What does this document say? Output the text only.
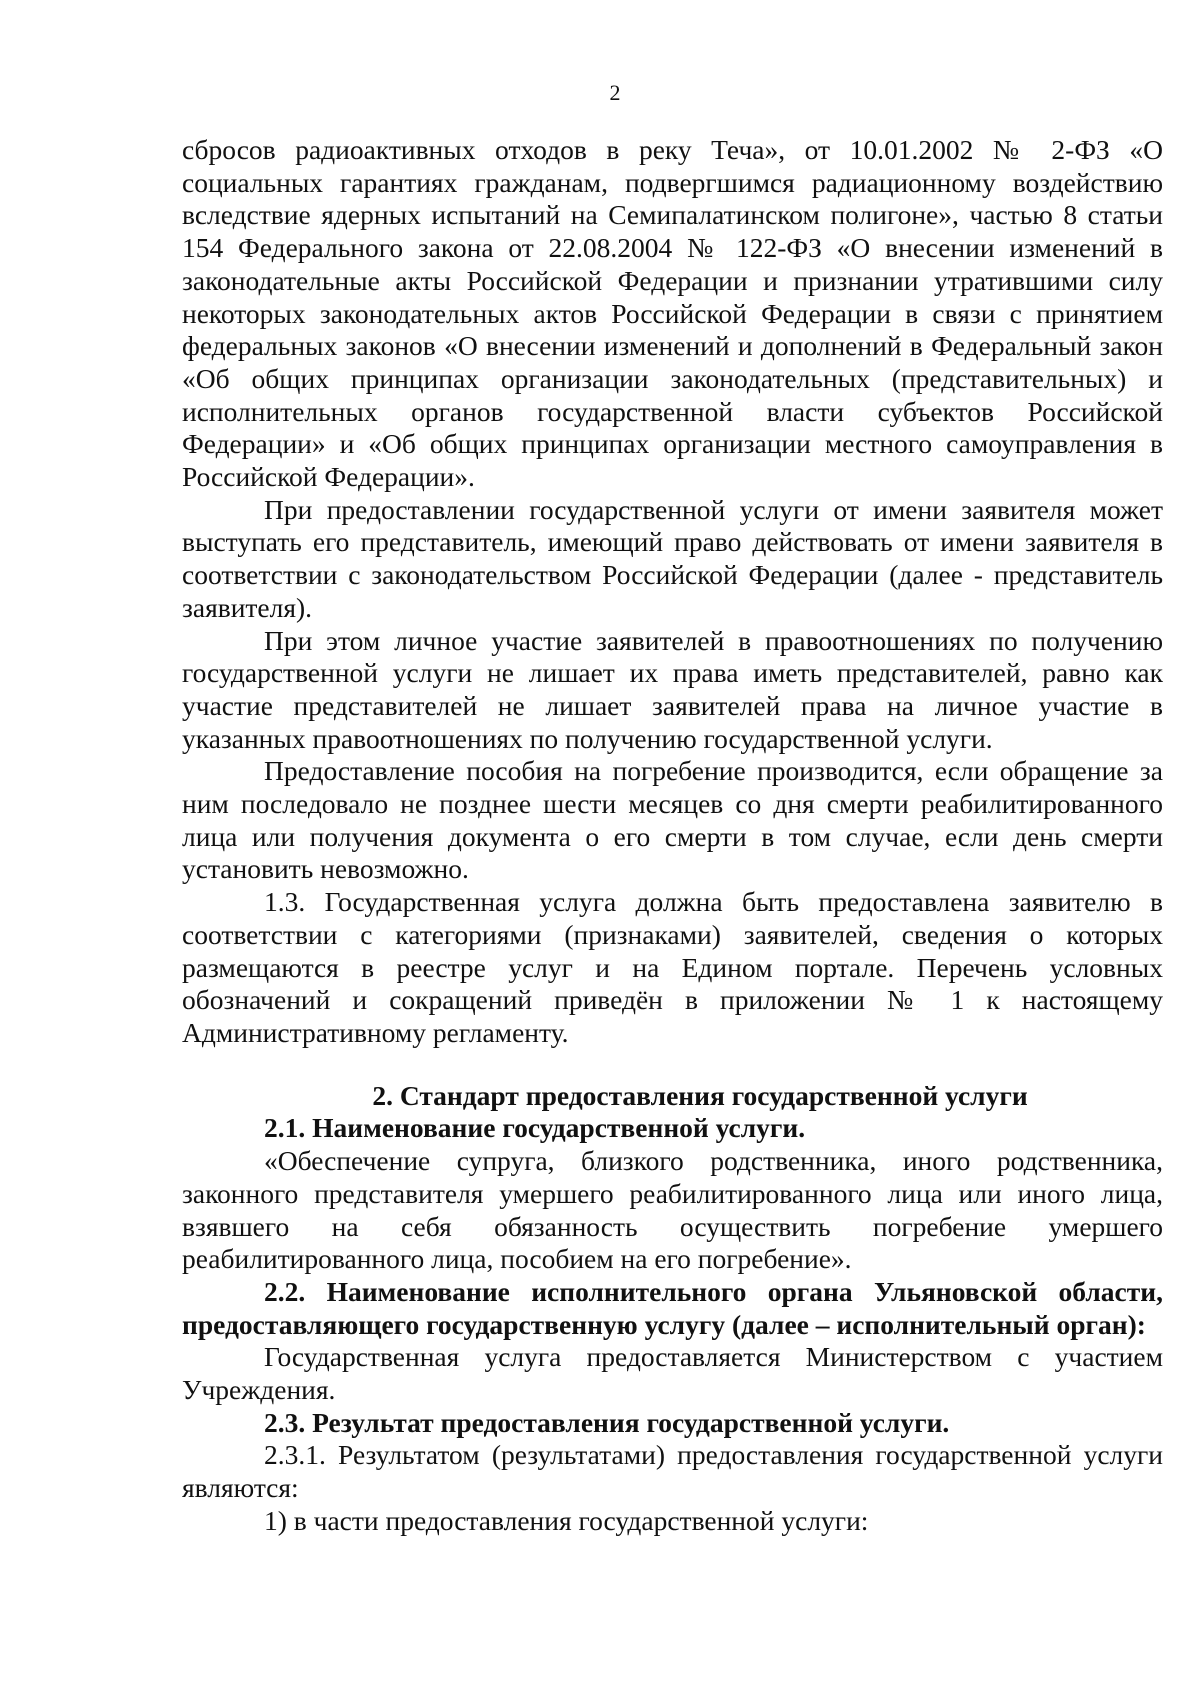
2

сбросов радиоактивных отходов в реку Теча», от 10.01.2002 № 2-ФЗ «О социальных гарантиях гражданам, подвергшимся радиационному воздействию вследствие ядерных испытаний на Семипалатинском полигоне», частью 8 статьи 154 Федерального закона от 22.08.2004 № 122-ФЗ «О внесении изменений в законодательные акты Российской Федерации и признании утратившими силу некоторых законодательных актов Российской Федерации в связи с принятием федеральных законов «О внесении изменений и дополнений в Федеральный закон «Об общих принципах организации законодательных (представительных) и исполнительных органов государственной власти субъектов Российской Федерации» и «Об общих принципах организации местного самоуправления в Российской Федерации».

При предоставлении государственной услуги от имени заявителя может выступать его представитель, имеющий право действовать от имени заявителя в соответствии с законодательством Российской Федерации (далее - представитель заявителя).

При этом личное участие заявителей в правоотношениях по получению государственной услуги не лишает их права иметь представителей, равно как участие представителей не лишает заявителей права на личное участие в указанных правоотношениях по получению государственной услуги.

Предоставление пособия на погребение производится, если обращение за ним последовало не позднее шести месяцев со дня смерти реабилитированного лица или получения документа о его смерти в том случае, если день смерти установить невозможно.

1.3. Государственная услуга должна быть предоставлена заявителю в соответствии с категориями (признаками) заявителей, сведения о которых размещаются в реестре услуг и на Едином портале. Перечень условных обозначений и сокращений приведён в приложении № 1 к настоящему Административному регламенту.

2. Стандарт предоставления государственной услуги

2.1. Наименование государственной услуги.

«Обеспечение супруга, близкого родственника, иного родственника, законного представителя умершего реабилитированного лица или иного лица, взявшего на себя обязанность осуществить погребение умершего реабилитированного лица, пособием на его погребение».

2.2. Наименование исполнительного органа Ульяновской области, предоставляющего государственную услугу (далее – исполнительный орган):

Государственная услуга предоставляется Министерством с участием Учреждения.

2.3. Результат предоставления государственной услуги.

2.3.1. Результатом (результатами) предоставления государственной услуги являются:

1) в части предоставления государственной услуги:
